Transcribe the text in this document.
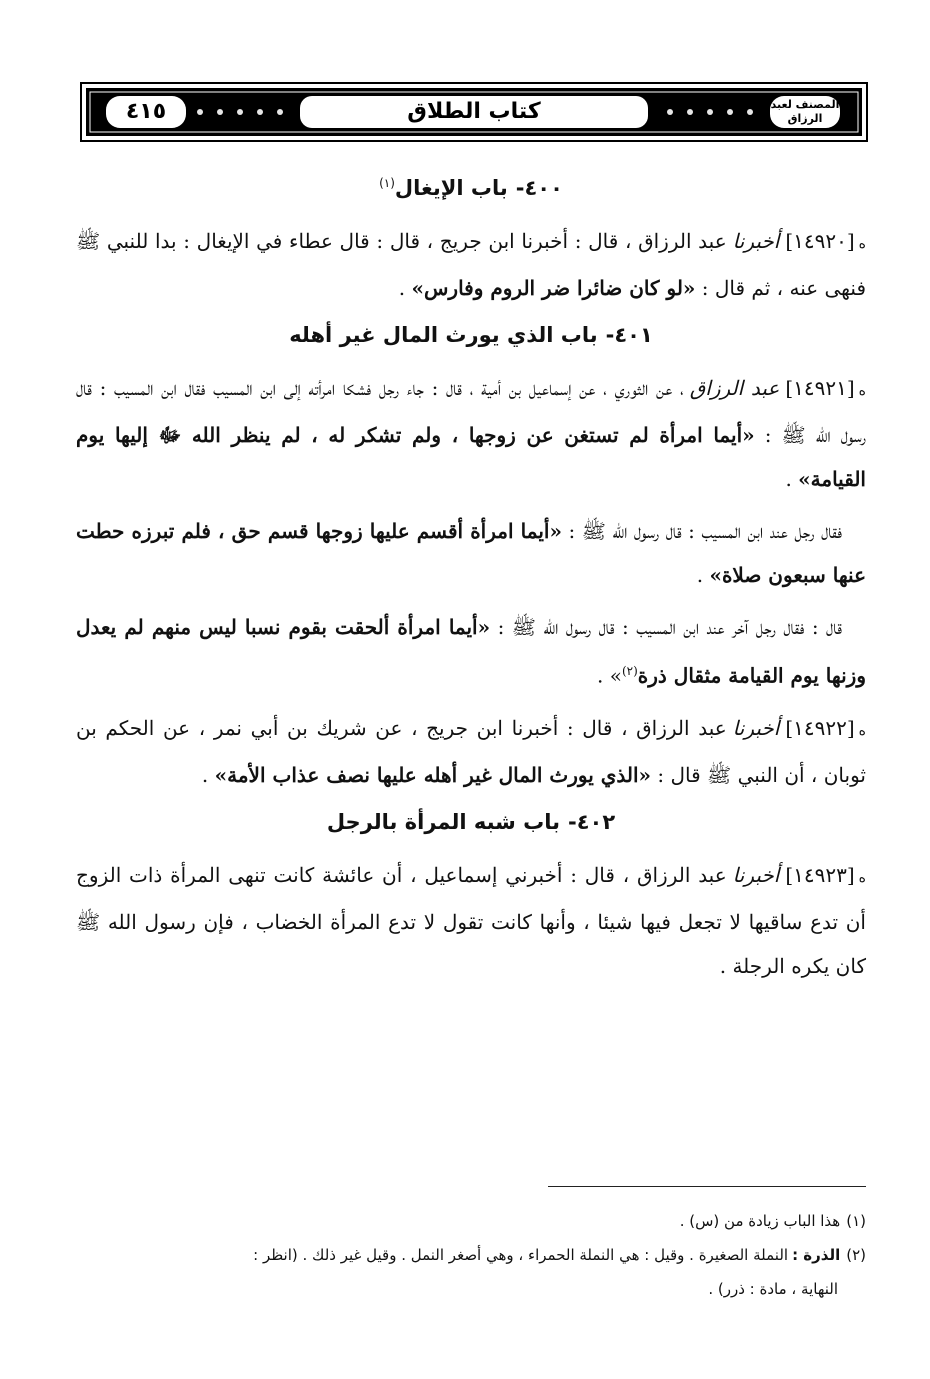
كتاب الطلاق
٤١٥	المصنف لعبد الرزاق
٤٠٠-باب الإيغال$^{(١)}$

ه[١٤٩٢٠]أخبرناعبد الرزاق ، قال : أخبرنا ابن جريج ، قال : قال عطاء في الإيغال : بدا للنبي ﷺ فنهى عنه ، ثم قال : «لو كان ضائرا ضر الروم وفارس» .

٤٠١-باب الذي يورث المال غير أهله

ه[١٤٩٢١]عبد الرزاق، عن الثوري ، عن إسماعيل بن أمية ، قال : جاء رجل فشكا امرأته إلى ابن المسيب فقال ابن المسيب : قال رسول الله ﷺ : «أيما امرأة لم تستغن عن زوجها ، ولم تشكر له ، لم ينظر الله ﷻ إليها يوم القيامة» .

فقال رجل عند ابن المسيب : قال رسول الله ﷺ : «أيما امرأة أقسم عليها زوجها قسم حق ، فلم تبرزه حطت عنها سبعون صلاة» .

قال : فقال رجل آخر عند ابن المسيب : قال رسول الله ﷺ : «أيما امرأة ألحقت بقوم نسبا ليس منهم لم يعدل وزنها يوم القيامة مثقال ذرة$^{(٢)}$» .

ه[١٤٩٢٢]أخبرناعبد الرزاق ، قال : أخبرنا ابن جريج ، عن شريك بن أبي نمر ، عن الحكم بن ثوبان ، أن النبي ﷺ قال : «الذي يورث المال غير أهله عليها نصف عذاب الأمة» .

٤٠٢-باب شبه المرأة بالرجل

ه[١٤٩٢٣]أخبرناعبد الرزاق ، قال : أخبرني إسماعيل ، أن عائشة كانت تنهى المرأة ذات الزوج أن تدع ساقيها لا تجعل فيها شيئا ، وأنها كانت تقول لا تدع المرأة الخضاب ، فإن رسول الله ﷺ كان يكره الرجلة .

(١)هذا الباب زيادة من (س) .

(٢)الذرة :النملة الصغيرة . وقيل : هي النملة الحمراء ، وهي أصغر النمل . وقيل غير ذلك . (انظر :

النهاية ، مادة : ذرر) .
